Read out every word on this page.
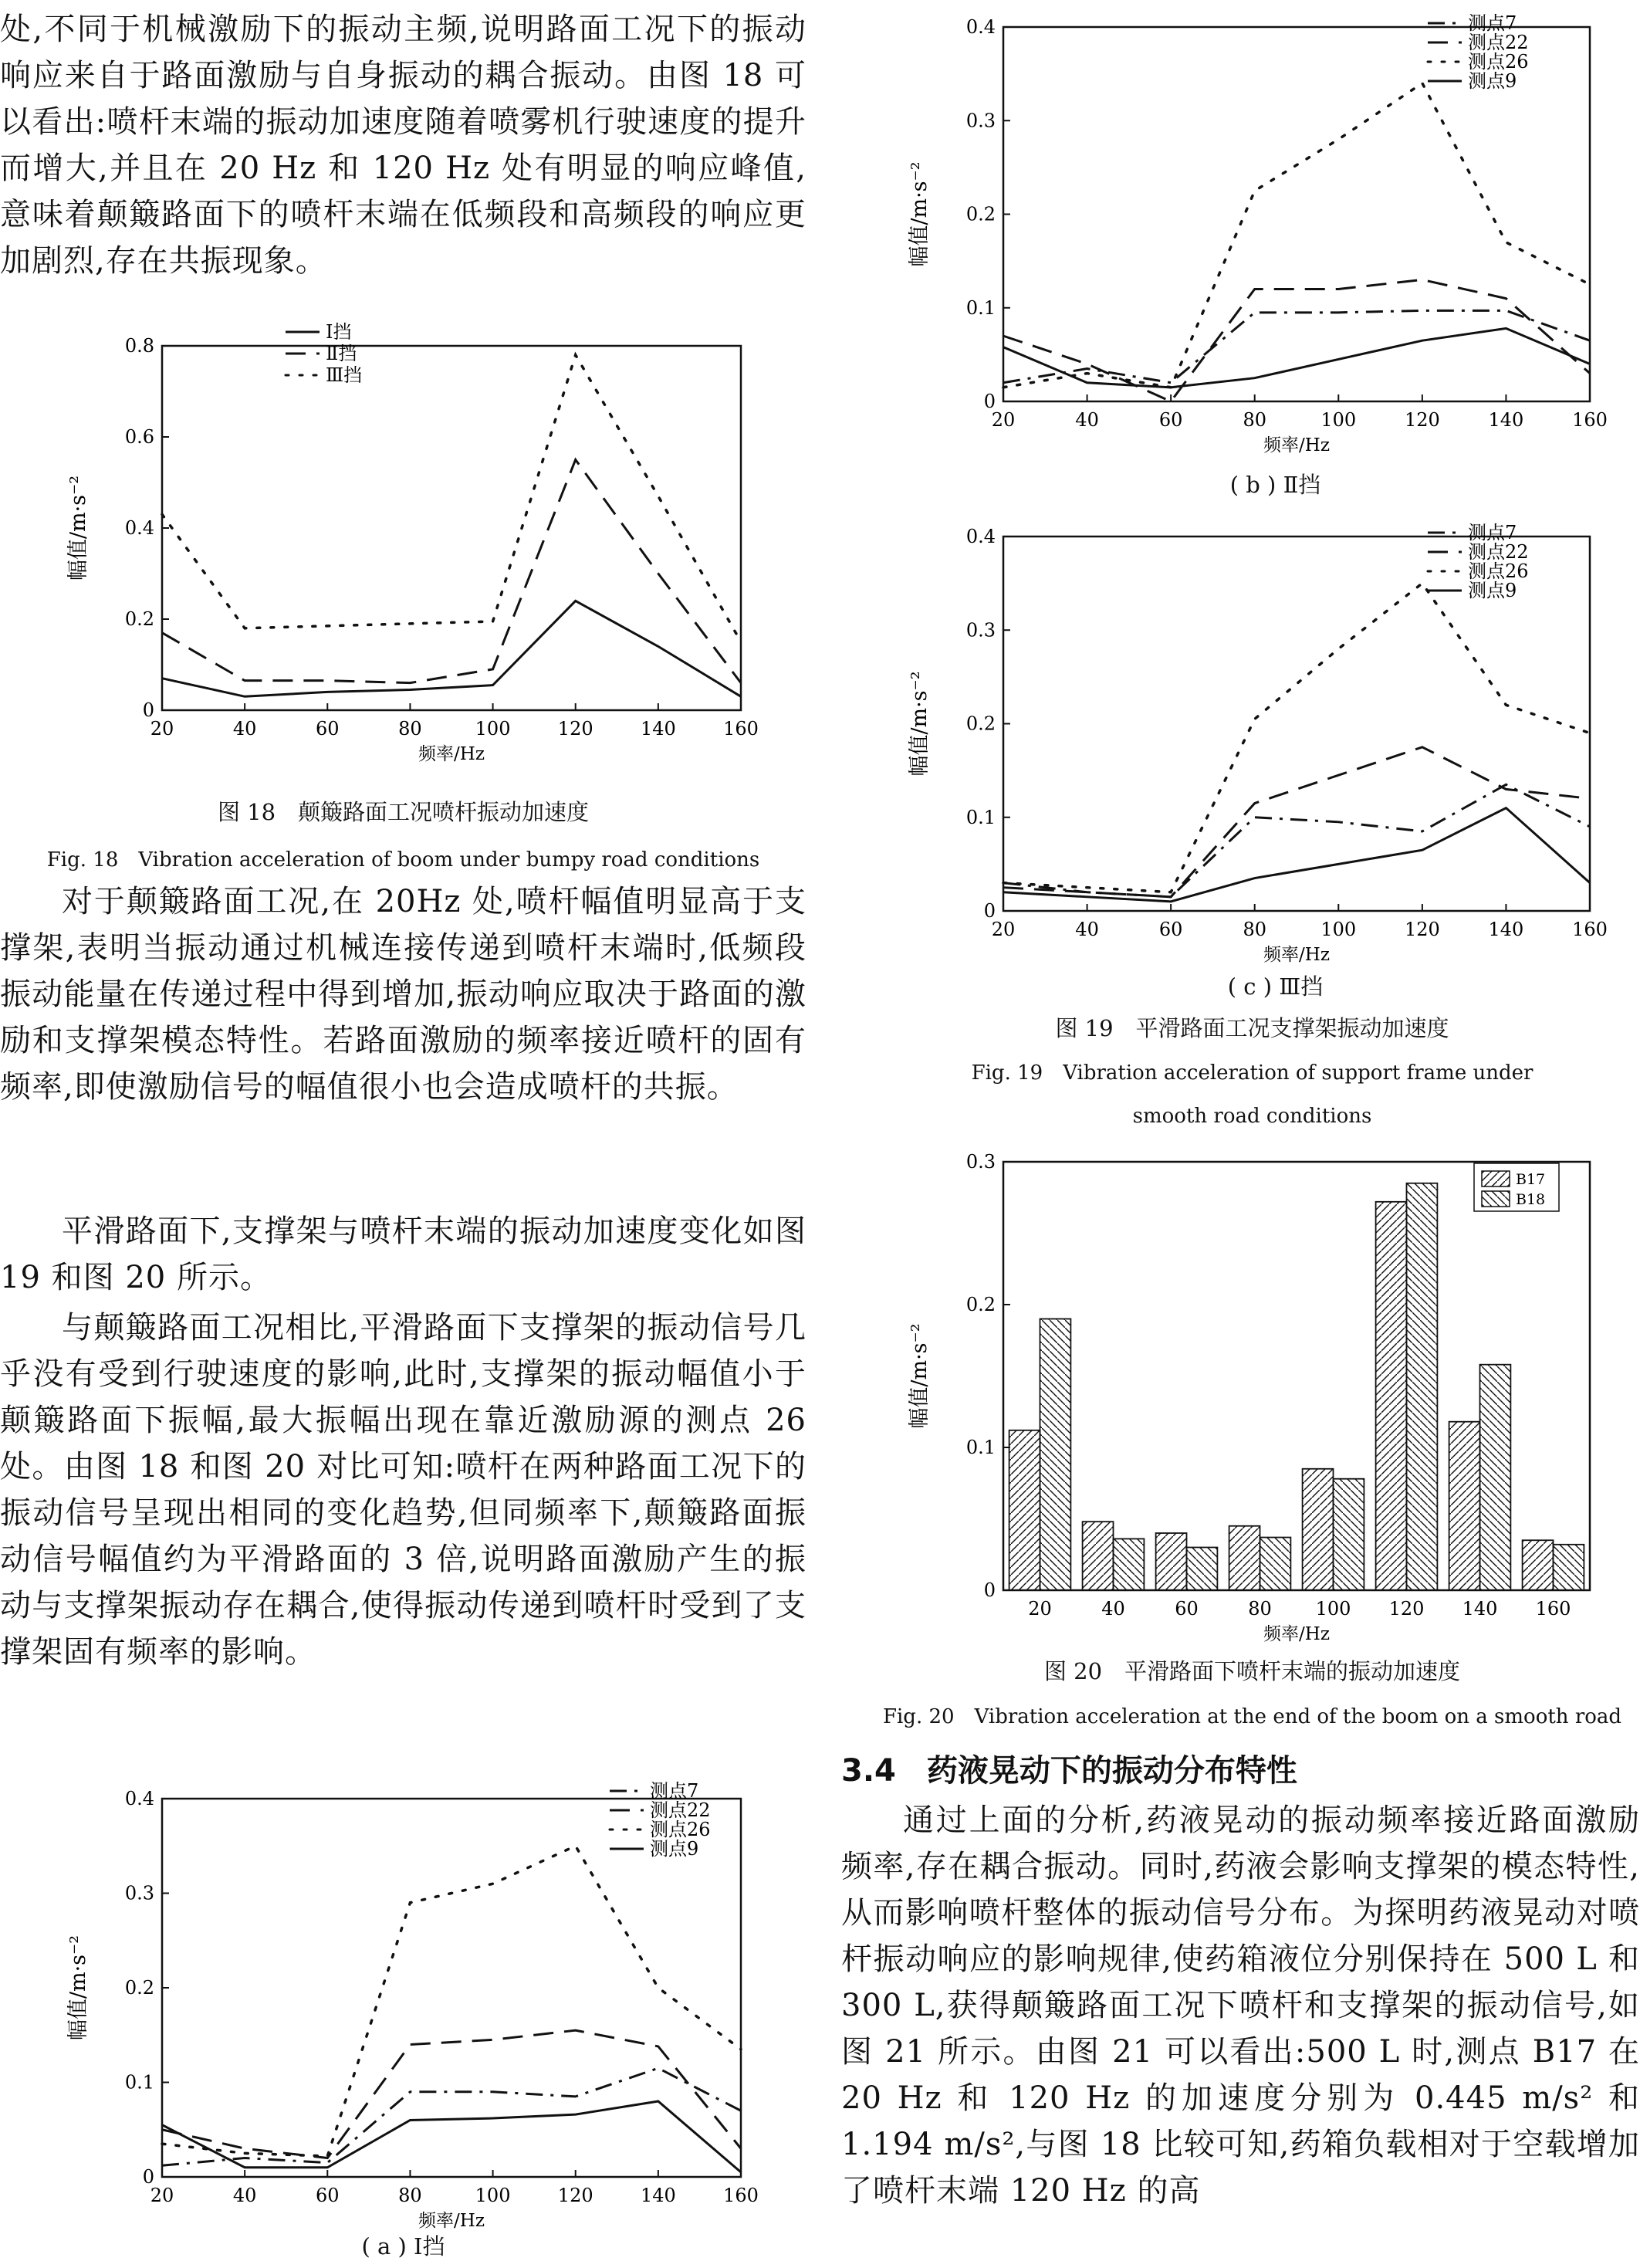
处,不同于机械激励下的振动主频,说明路面工况下的振动响应来自于路面激励与自身振动的耦合振动。由图 18 可以看出:喷杆末端的振动加速度随着喷雾机行驶速度的提升而增大,并且在 20 Hz 和 120 Hz 处有明显的响应峰值,意味着颠簸路面下的喷杆末端在低频段和高频段的响应更加剧烈,存在共振现象。

0
0.2
0.4
0.6
0.8
幅值/m·s⁻²
频率/Hz
20	40	60	80	100	120	140	160
Ⅰ挡
Ⅱ挡
Ⅲ挡

图 18　颠簸路面工况喷杆振动加速度

Fig. 18　Vibration acceleration of boom under bumpy road conditions

对于颠簸路面工况,在 20Hz 处,喷杆幅值明显高于支撑架,表明当振动通过机械连接传递到喷杆末端时,低频段振动能量在传递过程中得到增加,振动响应取决于路面的激励和支撑架模态特性。若路面激励的频率接近喷杆的固有频率,即使激励信号的幅值很小也会造成喷杆的共振。

平滑路面下,支撑架与喷杆末端的振动加速度变化如图 19 和图 20 所示。

与颠簸路面工况相比,平滑路面下支撑架的振动信号几乎没有受到行驶速度的影响,此时,支撑架的振动幅值小于颠簸路面下振幅,最大振幅出现在靠近激励源的测点 26 处。由图 18 和图 20 对比可知:喷杆在两种路面工况下的振动信号呈现出相同的变化趋势,但同频率下,颠簸路面振动信号幅值约为平滑路面的 3 倍,说明路面激励产生的振动与支撑架振动存在耦合,使得振动传递到喷杆时受到了支撑架固有频率的影响。

0
0.1
0.2
0.3
0.4
幅值/m·s⁻²
频率/Hz
20	40	60	80	100	120	140	160
测点7
测点22
测点26
测点9

( a ) Ⅰ挡

0
0.1
0.2
0.3
0.4
幅值/m·s⁻²
频率/Hz
20	40	60	80	100	120	140	160
测点7
测点22
测点26
测点9

( b ) Ⅱ挡

0
0.1
0.2
0.3
0.4
幅值/m·s⁻²
频率/Hz
20	40	60	80	100	120	140	160
测点7
测点22
测点26
测点9

( c ) Ⅲ挡

图 19　平滑路面工况支撑架振动加速度

Fig. 19　Vibration acceleration of support frame under

smooth road conditions

0
0.1
0.2
0.3
幅值/m·s⁻²
频率/Hz
20	40	60	80 100 120 140 160
B17
B18

图 20　平滑路面下喷杆末端的振动加速度

Fig. 20　Vibration acceleration at the end of the boom on a smooth road

3.4　药液晃动下的振动分布特性

通过上面的分析,药液晃动的振动频率接近路面激励频率,存在耦合振动。同时,药液会影响支撑架的模态特性,从而影响喷杆整体的振动信号分布。为探明药液晃动对喷杆振动响应的影响规律,使药箱液位分别保持在 500 L 和 300 L,获得颠簸路面工况下喷杆和支撑架的振动信号,如图 21 所示。由图 21 可以看出:500 L 时,测点 B17 在 20 Hz 和 120 Hz 的加速度分别为 0.445 m/s² 和 1.194 m/s²,与图 18 比较可知,药箱负载相对于空载增加了喷杆末端 120 Hz 的高
